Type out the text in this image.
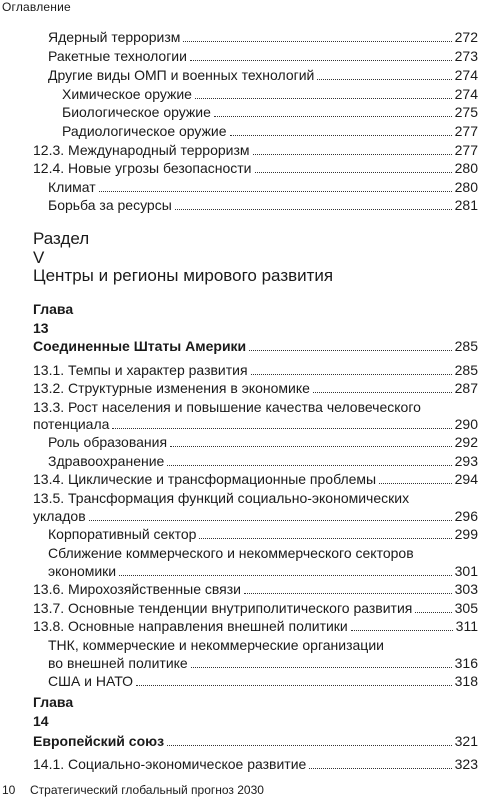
Оглавление
Ядерный терроризм	272
Ракетные технологии	273
Другие виды ОМП и военных технологий	274
Химическое оружие	274
Биологическое оружие	275
Радиологическое оружие	277
12.3. Международный терроризм	277
12.4. Новые угрозы безопасности	280
Климат	280
Борьба за ресурсы	281
Раздел
V
Центры и регионы мирового развития
Глава
13
Соединенные Штаты Америки	285
13.1. Темпы и характер развития	285
13.2. Структурные изменения в экономике	287
13.3. Рост населения и повышение качества человеческого
потенциала	290
Роль образования	292
Здравоохранение	293
13.4. Циклические и трансформационные проблемы	294
13.5. Трансформация функций социально-экономических
укладов	296
Корпоративный сектор	299
Сближение коммерческого и некоммерческого секторов
экономики	301
13.6. Мирохозяйственные связи	303
13.7. Основные тенденции внутриполитического развития	305
13.8. Основные направления внешней политики	311
ТНК, коммерческие и некоммерческие организации
во внешней политике	316
США и НАТО	318
Глава
14
Европейский союз	321
14.1. Социально-экономическое развитие	323
10 Стратегический глобальный прогноз 2030
